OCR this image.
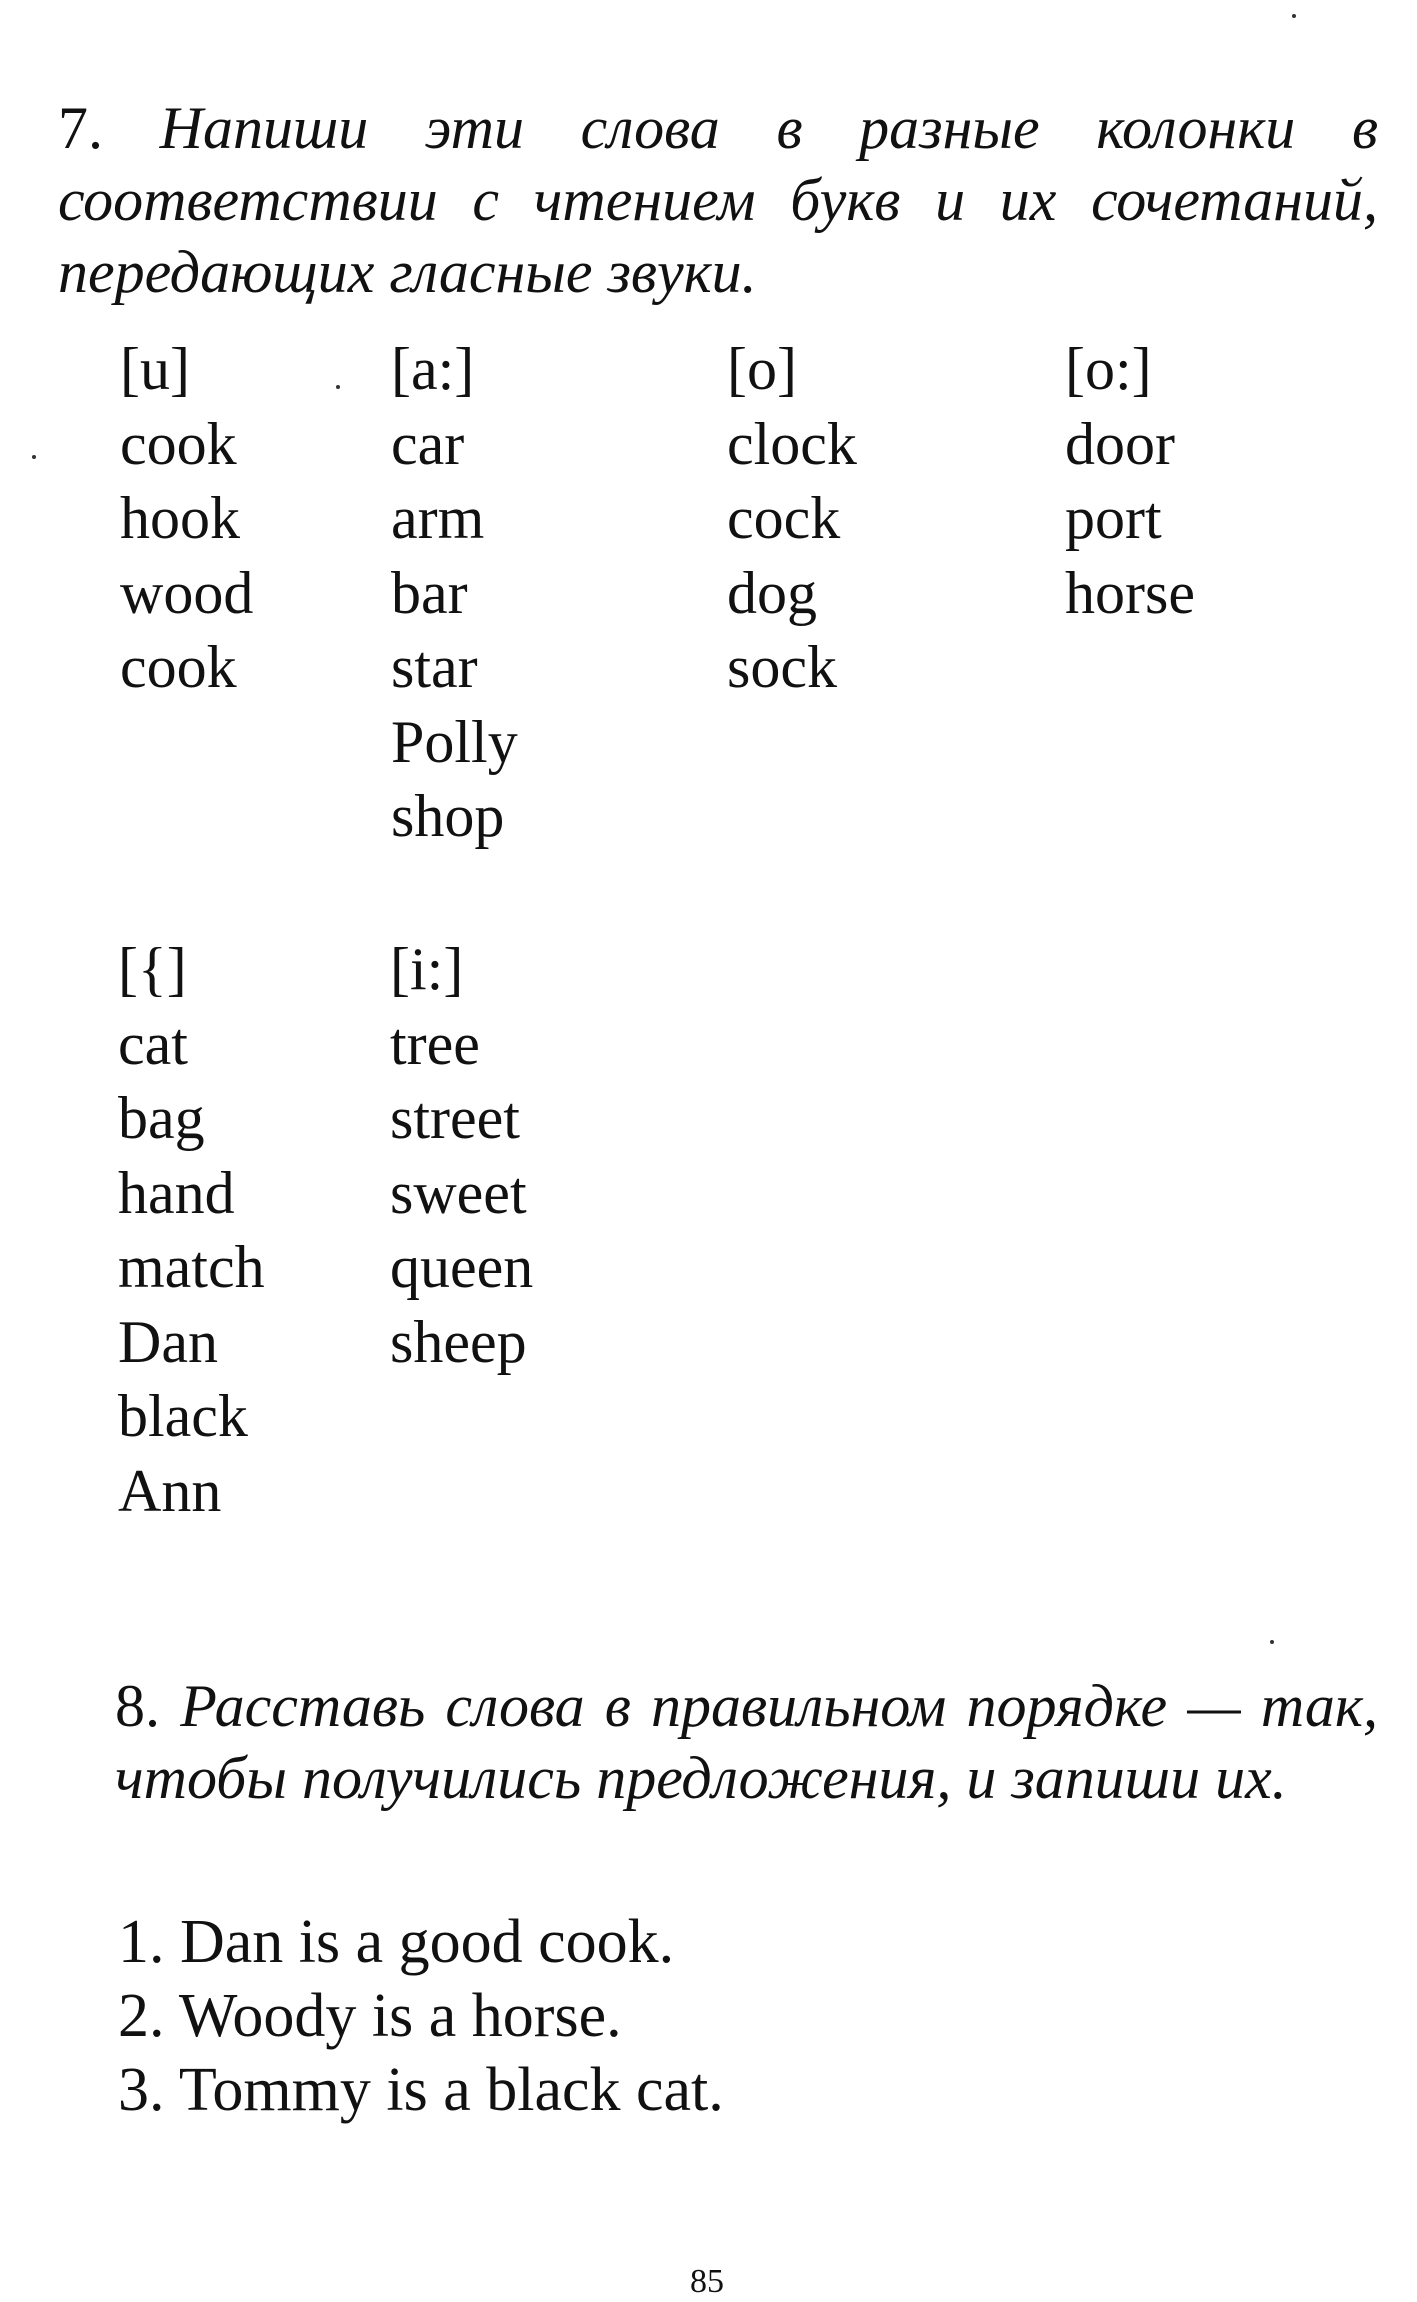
7. Напиши эти слова в разные колонки в соответствии с чтением букв и их сочетаний, передающих гласные звуки.

[u]
cook
hook
wood
cook
[a:]
car
arm
bar
star
Polly
shop
[o]
clock
cock
dog
sock
[o:]
door
port
horse
[{]
cat
bag
hand
match
Dan
black
Ann
[i:]
tree
street
sweet
queen
sheep

8. Расставь слова в правильном порядке — так, чтобы получились предложения, и запиши их.

1. Dan is a good cook.
2. Woody is a horse.
3. Tommy is a black cat.
85
